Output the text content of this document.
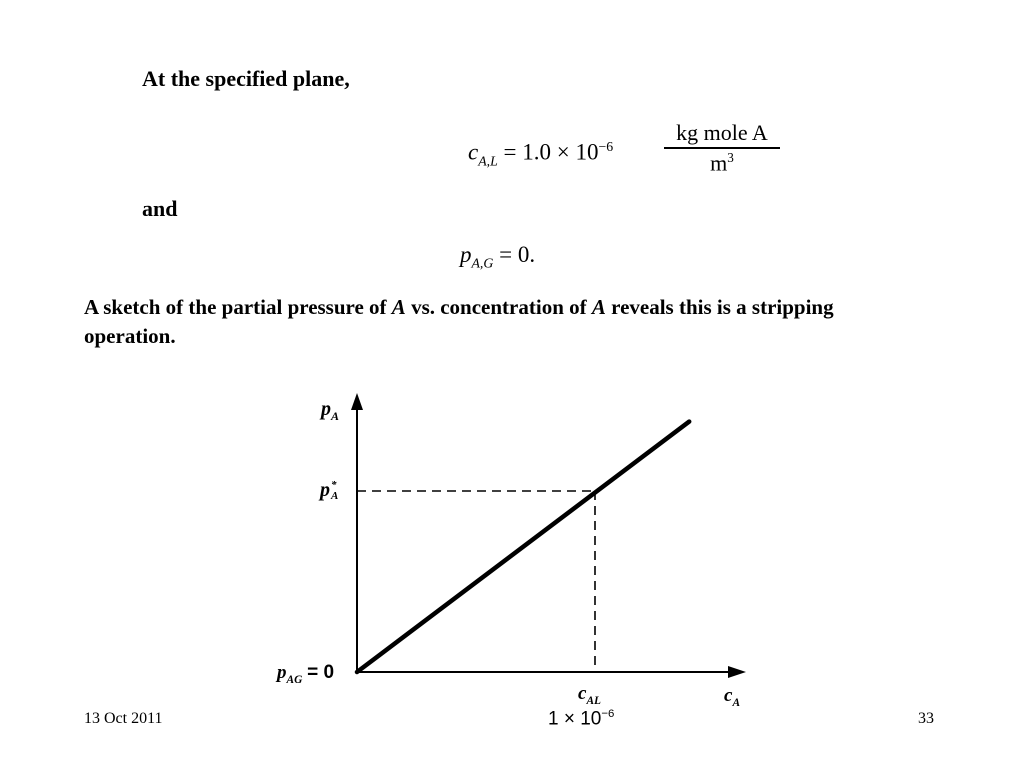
At the specified plane,
$c_{A,L} = 1.0 \times 10^{-6}$
kg mole A
$m^3$
and
$p_{A,G} = 0$.
A sketch of the partial pressure of A vs. concentration of A reveals this is a stripping
operation.
$p_A$
p *
A
$p_{AG} = 0$
$c_{AL}$
$1 \times 10^{-6}$
$c_A$
13 Oct 2011	33
